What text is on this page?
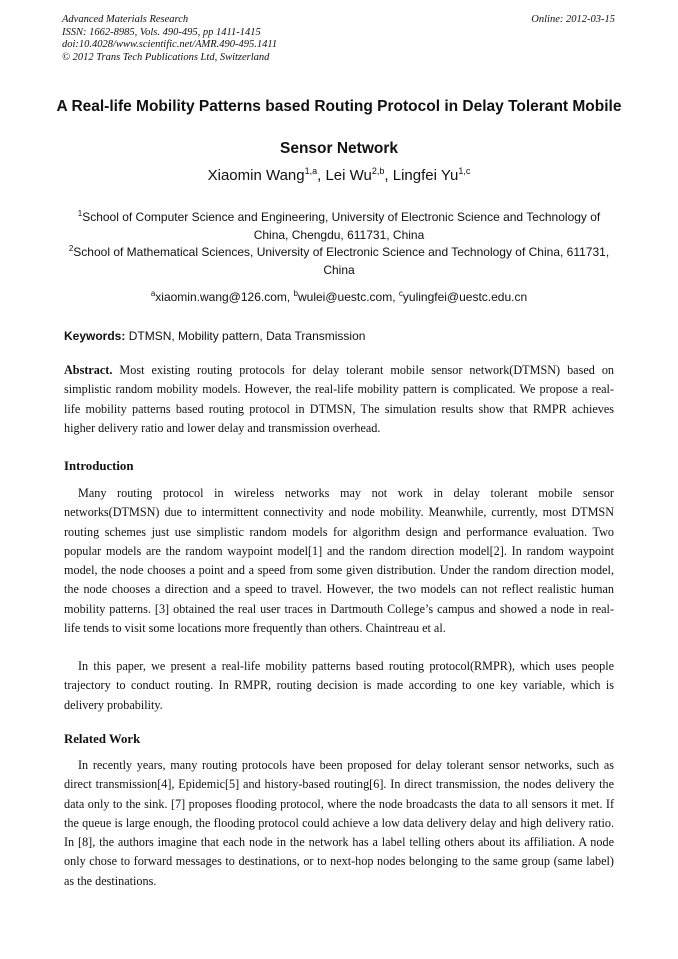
Advanced Materials Research
ISSN: 1662-8985, Vols. 490-495, pp 1411-1415
doi:10.4028/www.scientific.net/AMR.490-495.1411
© 2012 Trans Tech Publications Ltd, Switzerland
Online: 2012-03-15
A Real-life Mobility Patterns based Routing Protocol in Delay Tolerant Mobile Sensor Network
Xiaomin Wang$^{1,a}$, Lei Wu$^{2,b}$, Lingfei Yu$^{1,c}$
$^1$School of Computer Science and Engineering, University of Electronic Science and Technology of China, Chengdu, 611731, China
$^2$School of Mathematical Sciences, University of Electronic Science and Technology of China, 611731, China
$^a$xiaomin.wang@126.com, $^b$wulei@uestc.com, $^c$yulingfei@uestc.edu.cn
Keywords: DTMSN, Mobility pattern, Data Transmission

Abstract. Most existing routing protocols for delay tolerant mobile sensor network(DTMSN) based on simplistic random mobility models. However, the real-life mobility pattern is complicated. We propose a real-life mobility patterns based routing protocol in DTMSN, The simulation results show that RMPR achieves higher delivery ratio and lower delay and transmission overhead.

Introduction

Many routing protocol in wireless networks may not work in delay tolerant mobile sensor networks(DTMSN) due to intermittent connectivity and node mobility. Meanwhile, currently, most DTMSN routing schemes just use simplistic random models for algorithm design and performance evaluation. Two popular models are the random waypoint model[1] and the random direction model[2]. In random waypoint model, the node chooses a point and a speed from some given distribution. Under the random direction model, the node chooses a direction and a speed to travel. However, the two models can not reflect realistic human mobility patterns. [3] obtained the real user traces in Dartmouth College’s campus and showed a node in real-life tends to visit some locations more frequently than others. Chaintreau et al.

In this paper, we present a real-life mobility patterns based routing protocol(RMPR), which uses people trajectory to conduct routing. In RMPR, routing decision is made according to one key variable, which is delivery probability.

Related Work

In recently years, many routing protocols have been proposed for delay tolerant sensor networks, such as direct transmission[4], Epidemic[5] and history-based routing[6]. In direct transmission, the nodes delivery the data only to the sink. [7] proposes flooding protocol, where the node broadcasts the data to all sensors it met. If the queue is large enough, the flooding protocol could achieve a low data delivery delay and high delivery ratio. In [8], the authors imagine that each node in the network has a label telling others about its affiliation. A node only chose to forward messages to destinations, or to next-hop nodes belonging to the same group (same label) as the destinations.
